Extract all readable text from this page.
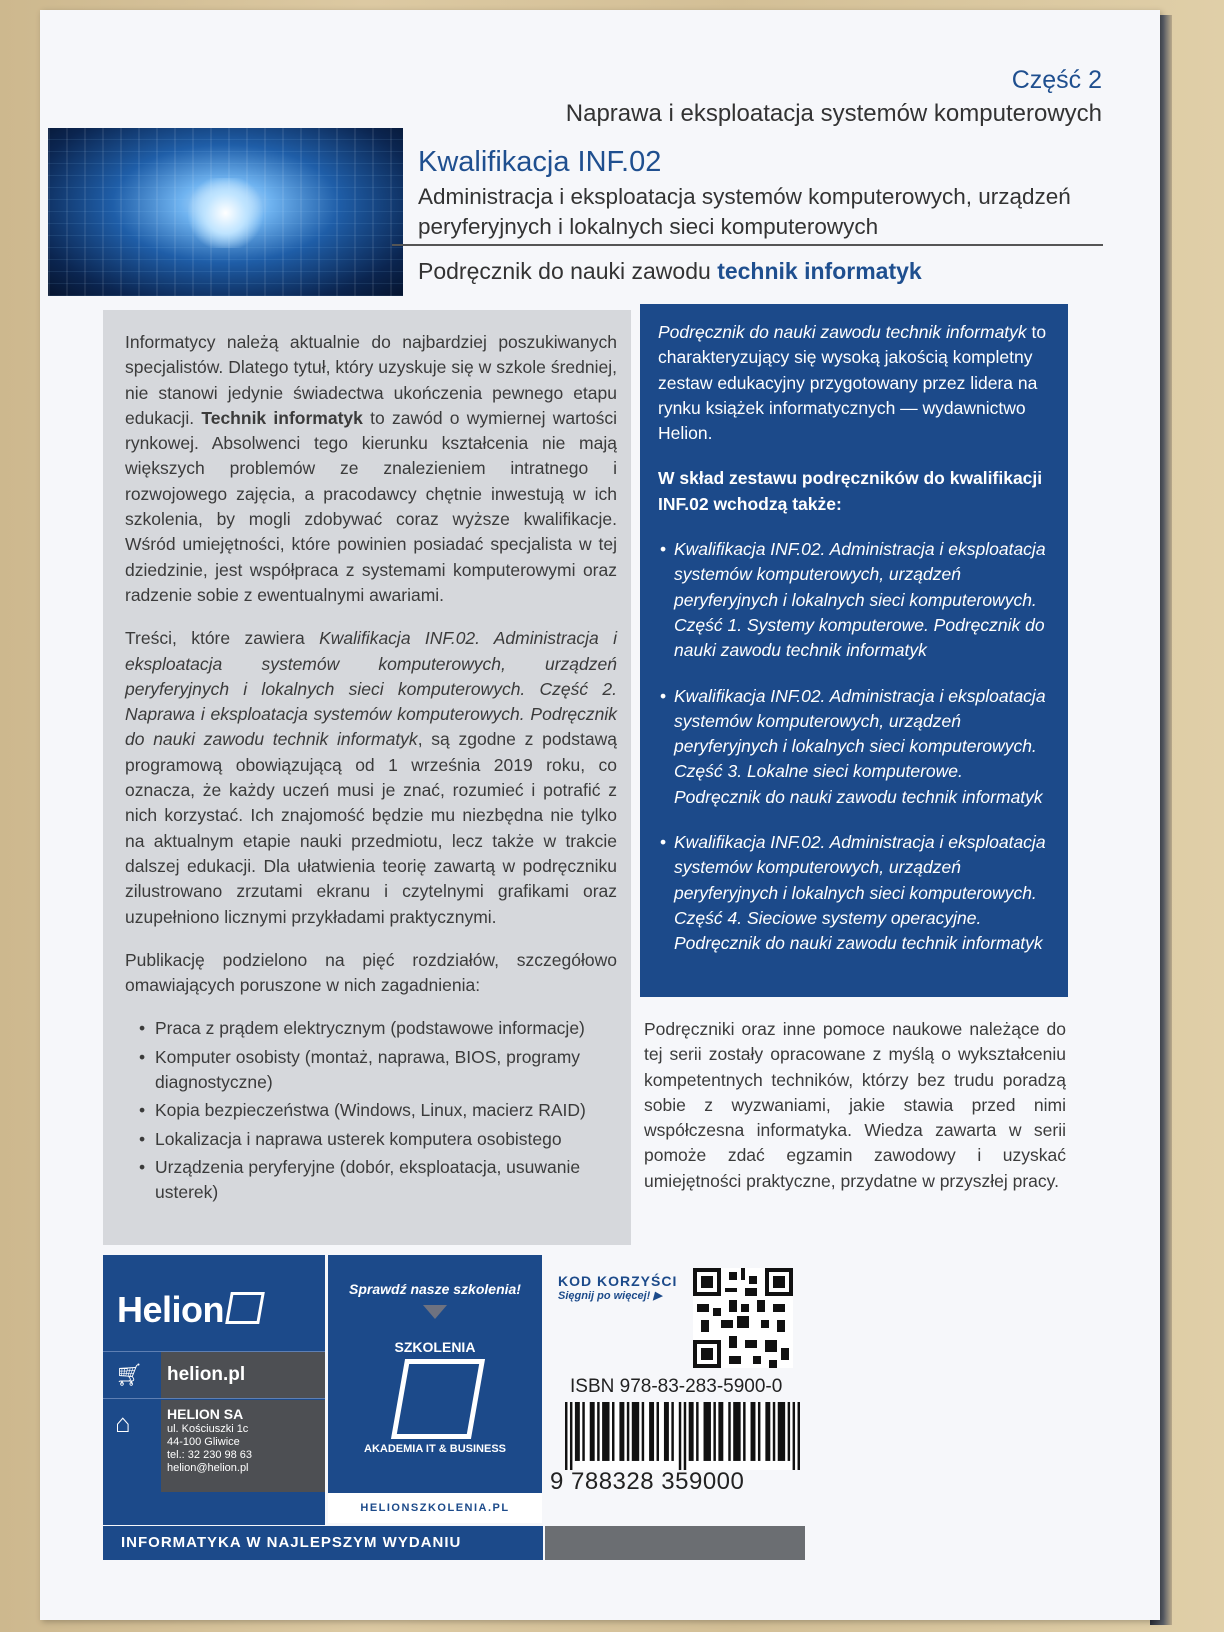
Część 2
Naprawa i eksploatacja systemów komputerowych
Kwalifikacja INF.02
Administracja i eksploatacja systemów komputerowych, urządzeń peryferyjnych i lokalnych sieci komputerowych
Podręcznik do nauki zawodu technik informatyk

Informatycy należą aktualnie do najbardziej poszukiwanych specjalistów. Dlatego tytuł, który uzyskuje się w szkole średniej, nie stanowi jedynie świadectwa ukończenia pewnego etapu edukacji. Technik informatyk to zawód o wymiernej wartości rynkowej. Absolwenci tego kierunku kształcenia nie mają większych problemów ze znalezieniem intratnego i rozwojowego zajęcia, a pracodawcy chętnie inwestują w ich szkolenia, by mogli zdobywać coraz wyższe kwalifikacje. Wśród umiejętności, które powinien posiadać specjalista w tej dziedzinie, jest współpraca z systemami komputerowymi oraz radzenie sobie z ewentualnymi awariami.

Treści, które zawiera Kwalifikacja INF.02. Administracja i eksploatacja systemów komputerowych, urządzeń peryferyjnych i lokalnych sieci komputerowych. Część 2. Naprawa i eksploatacja systemów komputerowych. Podręcznik do nauki zawodu technik informatyk, są zgodne z podstawą programową obowiązującą od 1 września 2019 roku, co oznacza, że każdy uczeń musi je znać, rozumieć i potrafić z nich korzystać. Ich znajomość będzie mu niezbędna nie tylko na aktualnym etapie nauki przedmiotu, lecz także w trakcie dalszej edukacji. Dla ułatwienia teorię zawartą w podręczniku zilustrowano zrzutami ekranu i czytelnymi grafikami oraz uzupełniono licznymi przykładami praktycznymi.

Publikację podzielono na pięć rozdziałów, szczegółowo omawiających poruszone w nich zagadnienia:

• Praca z prądem elektrycznym (podstawowe informacje)
• Komputer osobisty (montaż, naprawa, BIOS, programy diagnostyczne)
• Kopia bezpieczeństwa (Windows, Linux, macierz RAID)
• Lokalizacja i naprawa usterek komputera osobistego
• Urządzenia peryferyjne (dobór, eksploatacja, usuwanie usterek)

Podręcznik do nauki zawodu technik informatyk to charakteryzujący się wysoką jakością kompletny zestaw edukacyjny przygotowany przez lidera na rynku książek informatycznych — wydawnictwo Helion.

W skład zestawu podręczników do kwalifikacji INF.02 wchodzą także:

• Kwalifikacja INF.02. Administracja i eksploatacja systemów komputerowych, urządzeń peryferyjnych i lokalnych sieci komputerowych. Część 1. Systemy komputerowe. Podręcznik do nauki zawodu technik informatyk
• Kwalifikacja INF.02. Administracja i eksploatacja systemów komputerowych, urządzeń peryferyjnych i lokalnych sieci komputerowych. Część 3. Lokalne sieci komputerowe. Podręcznik do nauki zawodu technik informatyk
• Kwalifikacja INF.02. Administracja i eksploatacja systemów komputerowych, urządzeń peryferyjnych i lokalnych sieci komputerowych. Część 4. Sieciowe systemy operacyjne. Podręcznik do nauki zawodu technik informatyk
Podręczniki oraz inne pomoce naukowe należące do tej serii zostały opracowane z myślą o wykształceniu kompetentnych techników, którzy bez trudu poradzą sobie z wyzwaniami, jakie stawia przed nimi współczesna informatyka. Wiedza zawarta w serii pomoże zdać egzamin zawodowy i uzyskać umiejętności praktyczne, przydatne w przyszłej pracy.
Helion
🛒︎	helion.pl
⌂	HELION SA
ul. Kościuszki 1c
44-100 Gliwice
tel.: 32 230 98 63
helion@helion.pl
Sprawdź nasze szkolenia!
SZKOLENIA
AKADEMIA IT & BUSINESS
HELIONSZKOLENIA.PL
INFORMATYKA W NAJLEPSZYM WYDANIU
KOD KORZYŚCI
Sięgnij po więcej! ▶
ISBN 978-83-283-5900-0
9 788328 359000
